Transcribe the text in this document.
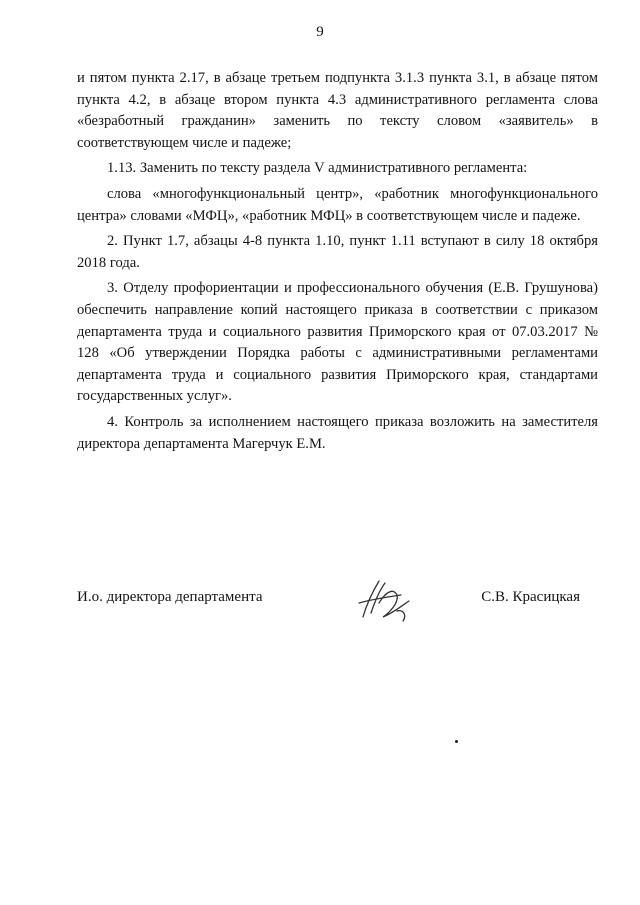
9

и пятом пункта 2.17, в абзаце третьем подпункта 3.1.3 пункта 3.1, в абзаце пятом пункта 4.2, в абзаце втором пункта 4.3 административного регламента слова «безработный гражданин» заменить по тексту словом «заявитель» в соответствующем числе и падеже;

1.13. Заменить по тексту раздела V административного регламента:

слова «многофункциональный центр», «работник многофункционального центра» словами «МФЦ», «работник МФЦ» в соответствующем числе и падеже.

2. Пункт 1.7, абзацы 4-8 пункта 1.10, пункт 1.11 вступают в силу 18 октября 2018 года.

3. Отделу профориентации и профессионального обучения (Е.В. Грушунова) обеспечить направление копий настоящего приказа в соответствии с приказом департамента труда и социального развития Приморского края от 07.03.2017 № 128 «Об утверждении Порядка работы с административными регламентами департамента труда и социального развития Приморского края, стандартами государственных услуг».

4. Контроль за исполнением настоящего приказа возложить на заместителя директора департамента Магерчук Е.М.

И.о. директора департамента	С.В. Красицкая
